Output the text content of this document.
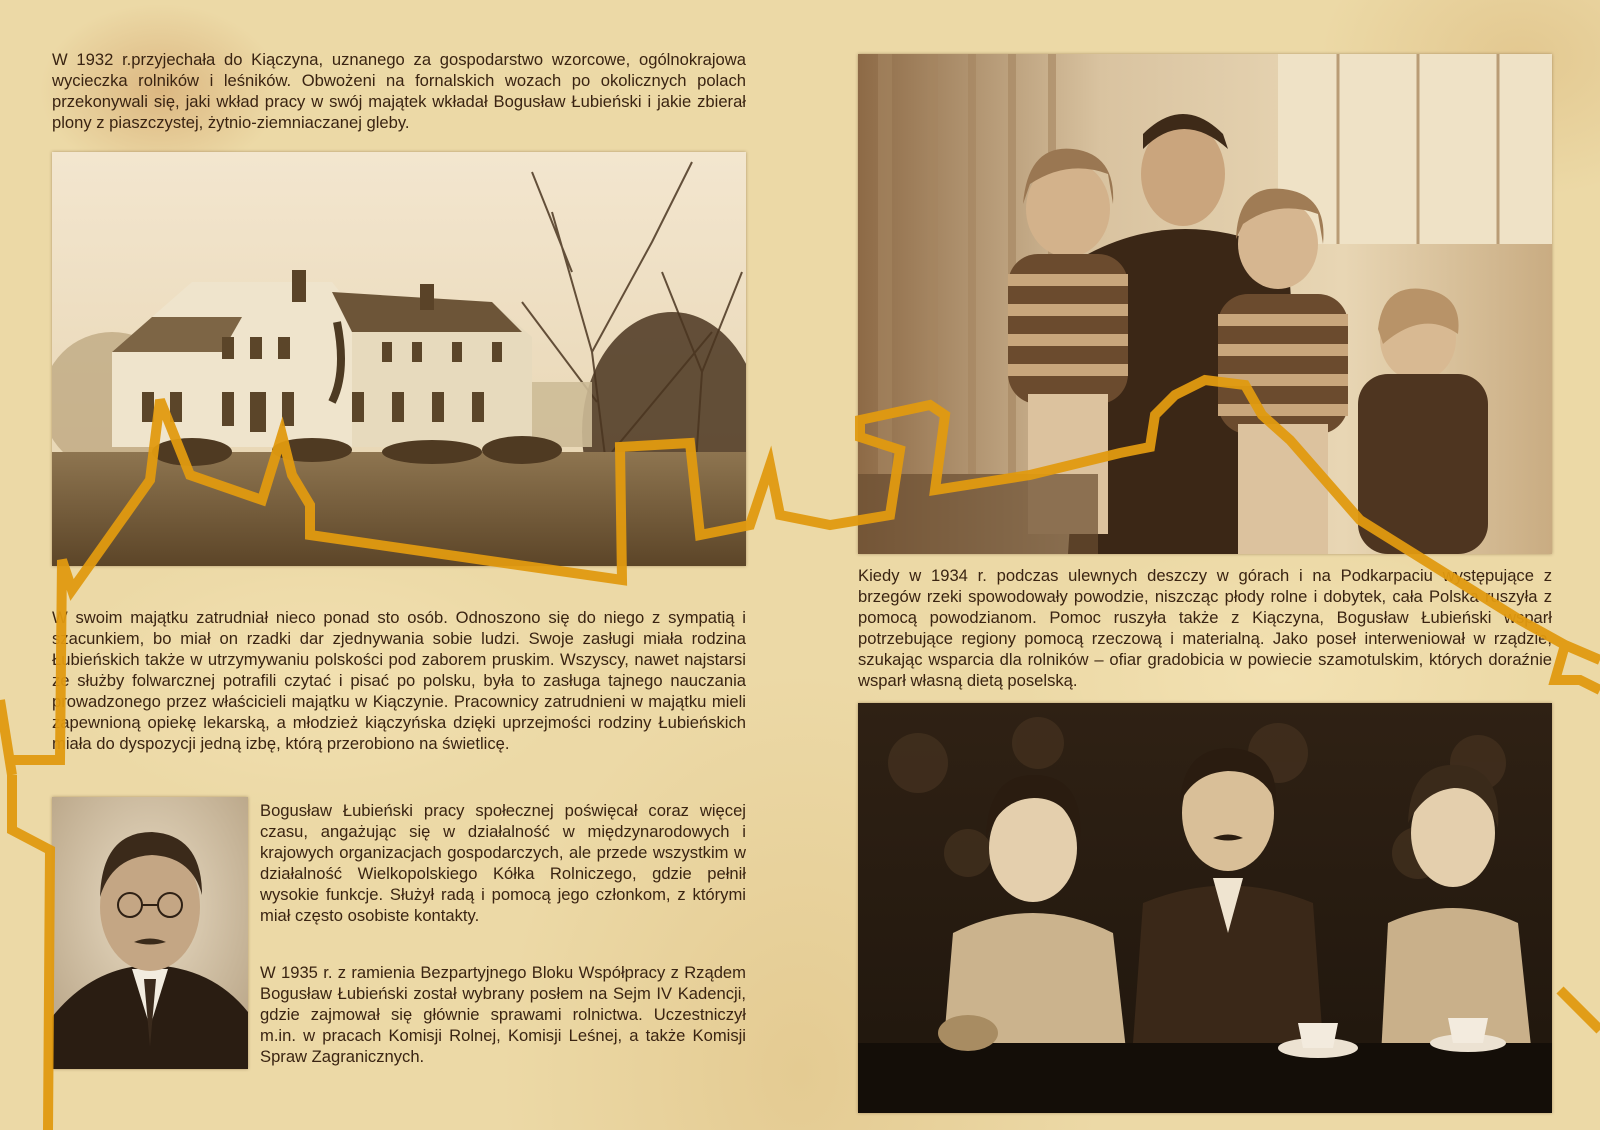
W 1932 r.przyjechała do Kiączyna, uznanego za gospodarstwo wzorcowe, ogólnokrajowa wycieczka rolników i leśników. Obwożeni na fornalskich wozach po okolicznych polach przekonywali się, jaki wkład pracy w swój majątek wkładał Bogusław Łubieński i jakie zbierał plony z piaszczystej, żytnio-ziemniaczanej gleby.

W swoim majątku zatrudniał nieco ponad sto osób. Odnoszono się do niego z sympatią i szacunkiem, bo miał on rzadki dar zjednywania sobie ludzi. Swoje zasługi miała rodzina Łubieńskich także w utrzymywaniu polskości pod zaborem pruskim. Wszyscy, nawet najstarsi ze służby folwarcznej potrafili czytać i pisać po polsku, była to zasługa tajnego nauczania prowadzonego przez właścicieli majątku w Kiączynie. Pracownicy zatrudnieni w majątku mieli zapewnioną opiekę lekarską, a młodzież kiączyńska dzięki uprzejmości rodziny Łubieńskich miała do dyspozycji jedną izbę, którą przerobiono na świetlicę.

Bogusław Łubieński pracy społecznej poświęcał coraz więcej czasu, angażując się w działalność w międzynarodowych i krajowych organizacjach gospodarczych, ale przede wszystkim w działalność Wielkopolskiego Kółka Rolniczego, gdzie pełnił wysokie funkcje. Służył radą i pomocą jego członkom, z którymi miał często osobiste kontakty.

W 1935 r. z ramienia Bezpartyjnego Bloku Współpracy z Rządem Bogusław Łubieński został wybrany posłem na Sejm IV Kadencji, gdzie zajmował się głównie sprawami rolnictwa. Uczestniczył m.in. w pracach Komisji Rolnej, Komisji Leśnej, a także Komisji Spraw Zagranicznych.

Kiedy w 1934 r. podczas ulewnych deszczy w górach i na Podkarpaciu występujące z brzegów rzeki spowodowały powodzie, niszcząc płody rolne i dobytek, cała Polska ruszyła z pomocą powodzianom. Pomoc ruszyła także z Kiączyna, Bogusław Łubieński wsparł potrzebujące regiony pomocą rzeczową i materialną. Jako poseł interweniował w rządzie, szukając wsparcia dla rolników – ofiar gradobicia w powiecie szamotulskim, których doraźnie wsparł własną dietą poselską.
